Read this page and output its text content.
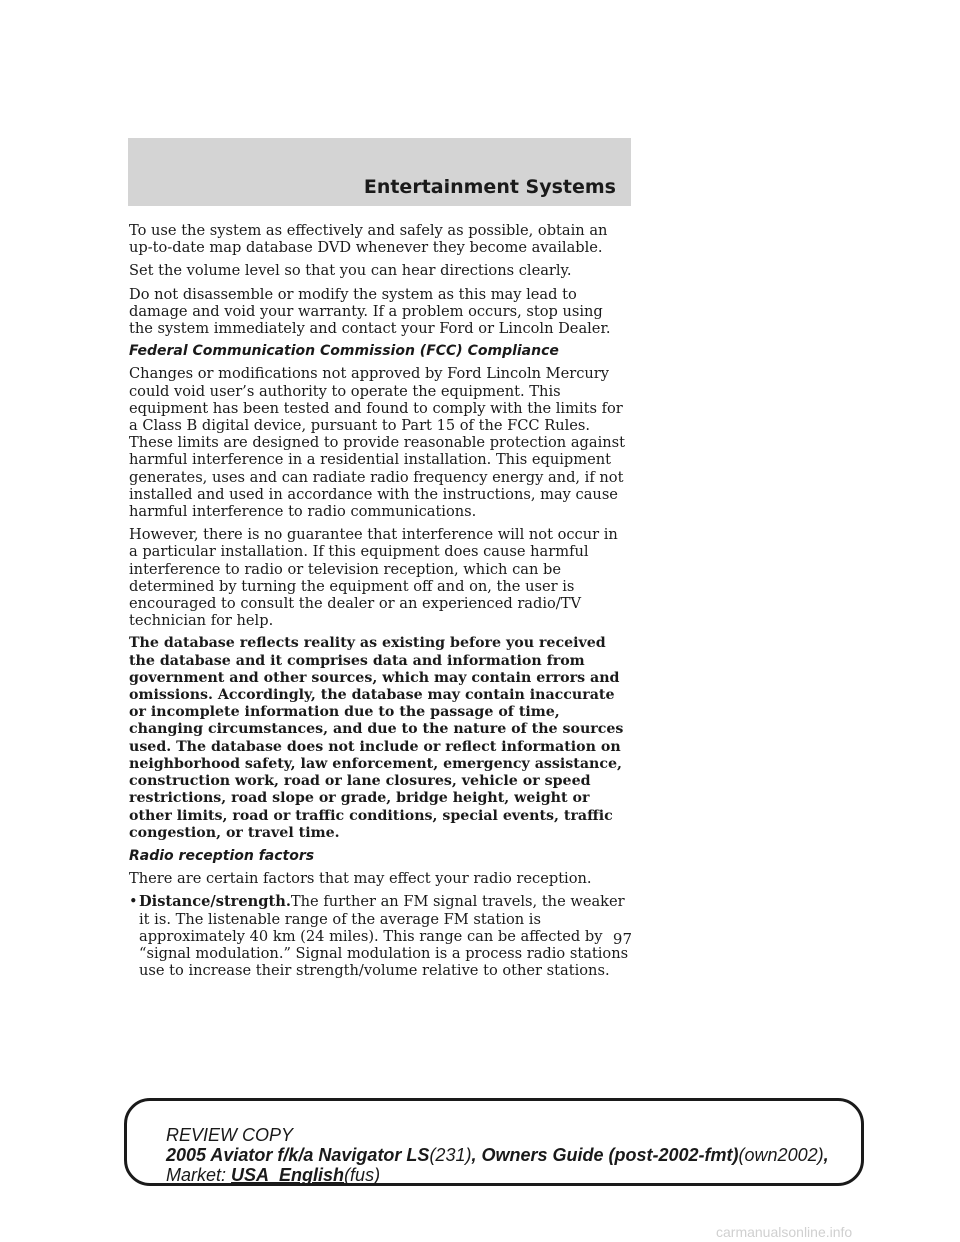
Entertainment Systems

To use the system as effectively and safely as possible, obtain an up-to-date map database DVD whenever they become available.

Set the volume level so that you can hear directions clearly.

Do not disassemble or modify the system as this may lead to damage and void your warranty. If a problem occurs, stop using the system immediately and contact your Ford or Lincoln Dealer.

Federal Communication Commission (FCC) Compliance

Changes or modifications not approved by Ford Lincoln Mercury could void user’s authority to operate the equipment. This equipment has been tested and found to comply with the limits for a Class B digital device, pursuant to Part 15 of the FCC Rules. These limits are designed to provide reasonable protection against harmful interference in a residential installation. This equipment generates, uses and can radiate radio frequency energy and, if not installed and used in accordance with the instructions, may cause harmful interference to radio communications.

However, there is no guarantee that interference will not occur in a particular installation. If this equipment does cause harmful interference to radio or television reception, which can be determined by turning the equipment off and on, the user is encouraged to consult the dealer or an experienced radio/TV technician for help.

The database reflects reality as existing before you received the database and it comprises data and information from government and other sources, which may contain errors and omissions. Accordingly, the database may contain inaccurate or incomplete information due to the passage of time, changing circumstances, and due to the nature of the sources used. The database does not include or reflect information on neighborhood safety, law enforcement, emergency assistance, construction work, road or lane closures, vehicle or speed restrictions, road slope or grade, bridge height, weight or other limits, road or traffic conditions, special events, traffic congestion, or travel time.

Radio reception factors

There are certain factors that may effect your radio reception.

• Distance/strength.The further an FM signal travels, the weaker it is. The listenable range of the average FM station is approximately 40 km (24 miles). This range can be affected by “signal modulation.” Signal modulation is a process radio stations use to increase their strength/volume relative to other stations.
97
REVIEW COPY
2005 Aviator f/k/a Navigator LS(231), Owners Guide (post-2002-fmt)(own2002),
Market: USA_English(fus)
carmanualsonline.info
